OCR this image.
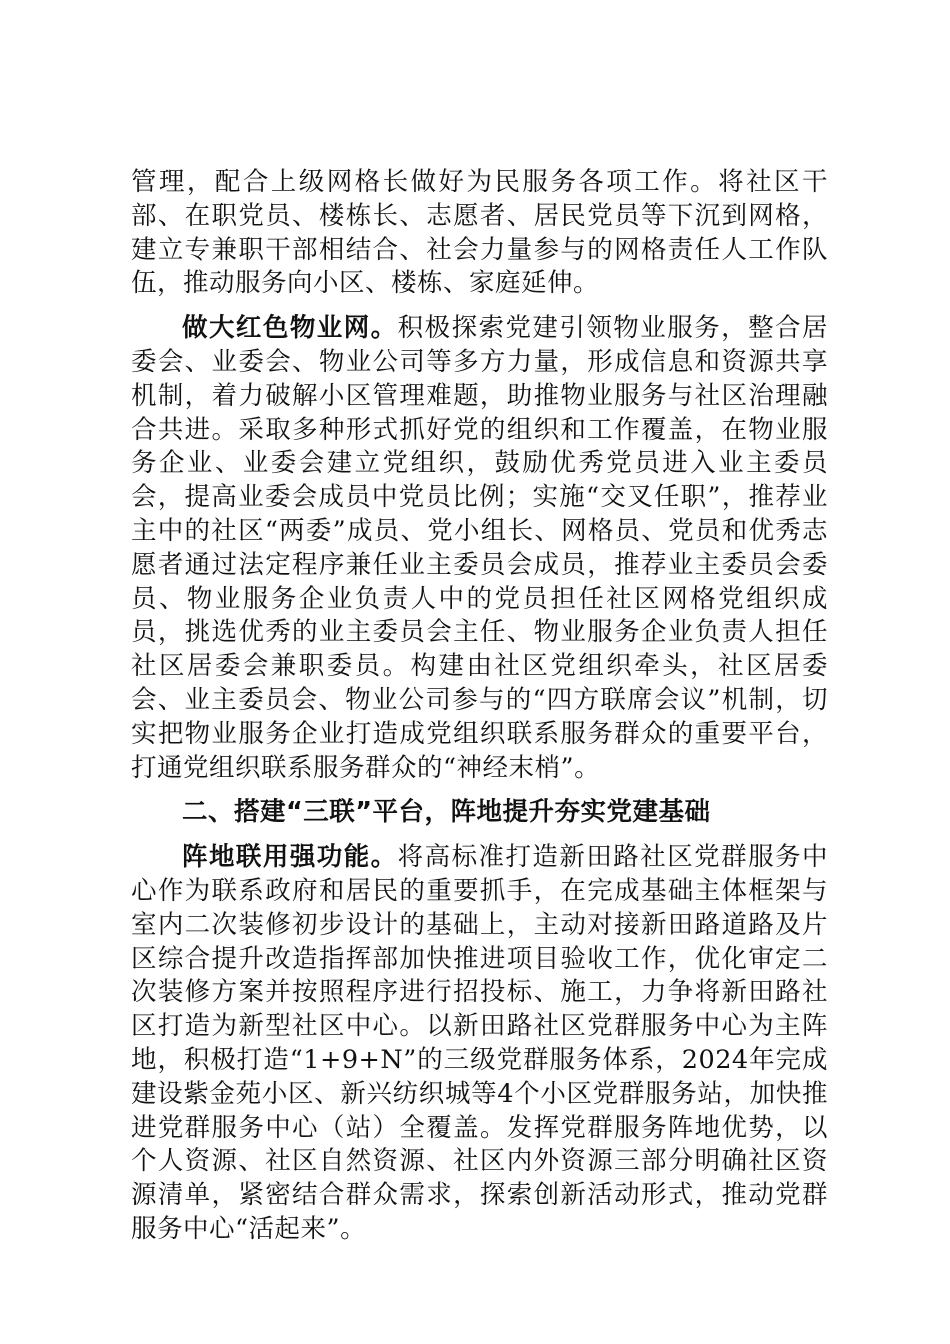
管理，配合上级网格长做好为民服务各项工作。将社区干部、在职党员、楼栋长、志愿者、居民党员等下沉到网格，建立专兼职干部相结合、社会力量参与的网格责任人工作队伍，推动服务向小区、楼栋、家庭延伸。

做大红色物业网。积极探索党建引领物业服务，整合居委会、业委会、物业公司等多方力量，形成信息和资源共享机制，着力破解小区管理难题，助推物业服务与社区治理融合共进。采取多种形式抓好党的组织和工作覆盖，在物业服务企业、业委会建立党组织，鼓励优秀党员进入业主委员会，提高业委会成员中党员比例；实施“交叉任职”，推荐业主中的社区“两委”成员、党小组长、网格员、党员和优秀志愿者通过法定程序兼任业主委员会成员，推荐业主委员会委员、物业服务企业负责人中的党员担任社区网格党组织成员，挑选优秀的业主委员会主任、物业服务企业负责人担任社区居委会兼职委员。构建由社区党组织牵头，社区居委会、业主委员会、物业公司参与的“四方联席会议”机制，切实把物业服务企业打造成党组织联系服务群众的重要平台，打通党组织联系服务群众的“神经末梢”。

二、搭建“三联”平台，阵地提升夯实党建基础

阵地联用强功能。将高标准打造新田路社区党群服务中心作为联系政府和居民的重要抓手，在完成基础主体框架与室内二次装修初步设计的基础上，主动对接新田路道路及片区综合提升改造指挥部加快推进项目验收工作，优化审定二次装修方案并按照程序进行招投标、施工，力争将新田路社区打造为新型社区中心。以新田路社区党群服务中心为主阵地，积极打造“1+9+N”的三级党群服务体系，2024年完成建设紫金苑小区、新兴纺织城等4个小区党群服务站，加快推进党群服务中心（站）全覆盖。发挥党群服务阵地优势，以个人资源、社区自然资源、社区内外资源三部分明确社区资源清单，紧密结合群众需求，探索创新活动形式，推动党群服务中心“活起来”。
